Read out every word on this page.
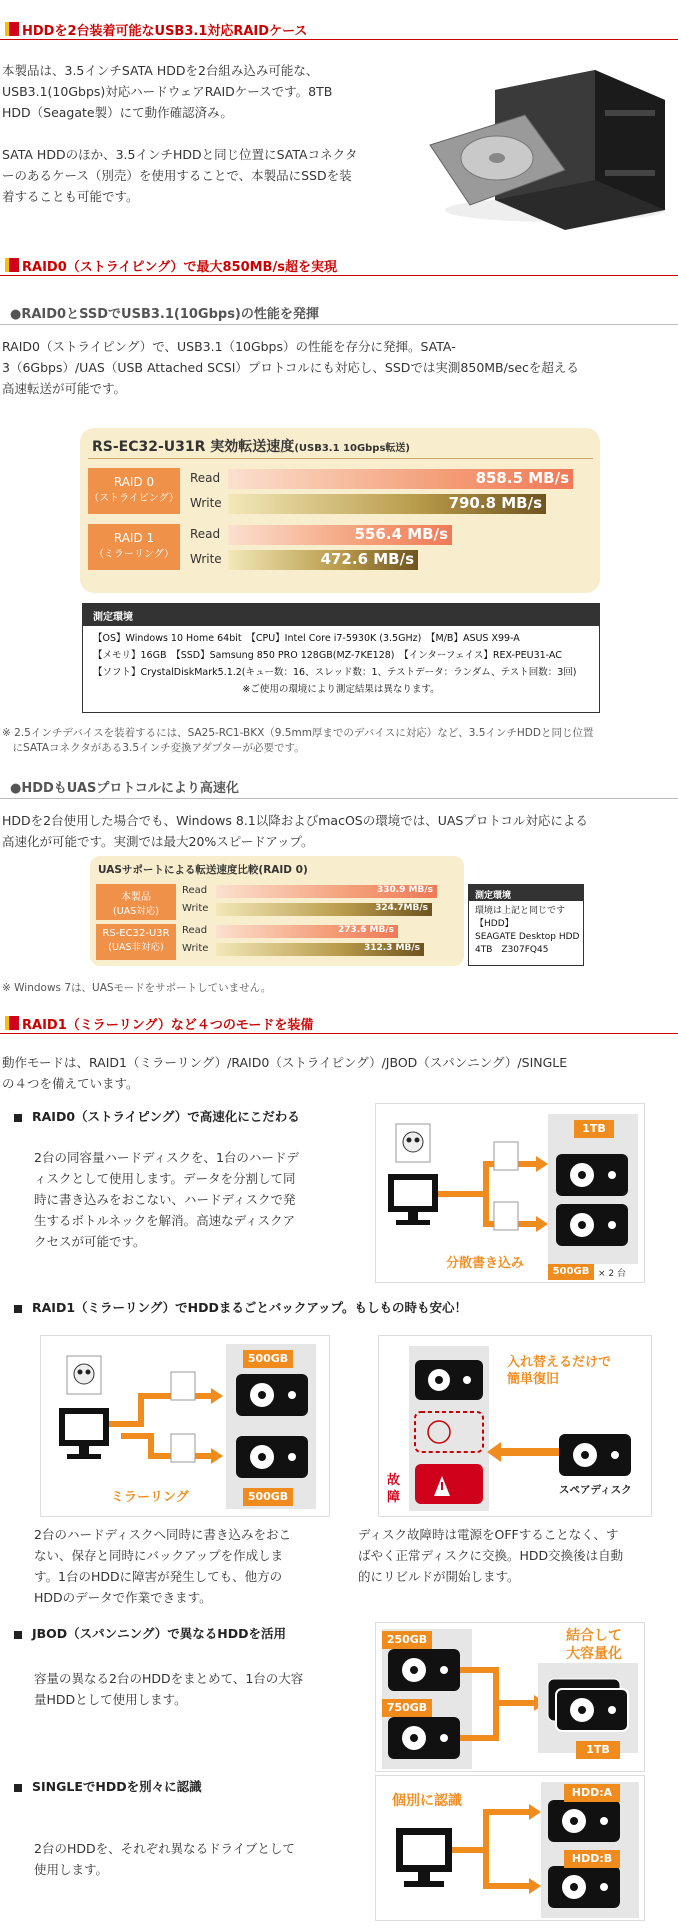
HDDを2台装着可能なUSB3.1対応RAIDケース
本製品は、3.5インチSATA HDDを2台組み込み可能な、
USB3.1(10Gbps)対応ハードウェアRAIDケースです。8TB
HDD（Seagate製）にて動作確認済み。
SATA HDDのほか、3.5インチHDDと同じ位置にSATAコネクタ
ーのあるケース（別売）を使用することで、本製品にSSDを装
着することも可能です。
RAID0（ストライピング）で最大850MB/s超を実現
●RAID0とSSDでUSB3.1(10Gbps)の性能を発揮
RAID0（ストライピング）で、USB3.1（10Gbps）の性能を存分に発揮。SATA-
3（6Gbps）/UAS（USB Attached SCSI）プロトコルにも対応し、SSDでは実測850MB/secを超える
高速転送が可能です。
RS-EC32-U31R 実効転送速度(USB3.1 10Gbps転送)
RAID 0
（ストライピング）
RAID 1
（ミラーリング）
Read
Write
Read
Write
858.5 MB/s
790.8 MB/s
556.4 MB/s
472.6 MB/s
測定環境
【OS】Windows 10 Home 64bit　【CPU】Intel Core i7-5930K (3.5GHz)　【M/B】ASUS X99-A
【メモリ】16GB　【SSD】Samsung 850 PRO 128GB(MZ-7KE128)　【インターフェイス】REX-PEU31-AC
【ソフト】CrystalDiskMark5.1.2(キュー数：16、スレッド数：1、テストデータ：ランダム、テスト回数：3回)
※ご使用の環境により測定結果は異なります。
※ 2.5インチデバイスを装着するには、SA25-RC1-BKX（9.5mm厚までのデバイスに対応）など、3.5インチHDDと同じ位置
　にSATAコネクタがある3.5インチ変換アダプターが必要です。
●HDDもUASプロトコルにより高速化
HDDを2台使用した場合でも、Windows 8.1以降およびmacOSの環境では、UASプロトコル対応による
高速化が可能です。実測では最大20%スピードアップ。
UASサポートによる転送速度比較(RAID 0)
本製品
(UAS対応)
RS-EC32-U3R
(UAS非対応)
Read
Write
Read
Write
330.9 MB/s
324.7MB/s
273.6 MB/s
312.3 MB/s
測定環境
環境は上記と同じです
【HDD】
SEAGATE Desktop HDD
4TB　Z307FQ45
※ Windows 7は、UASモードをサポートしていません。
RAID1（ミラーリング）など４つのモードを装備
動作モードは、RAID1（ミラーリング）/RAID0（ストライピング）/JBOD（スパンニング）/SINGLE
の４つを備えています。
RAID0（ストライピング）で高速化にこだわる
2台の同容量ハードディスクを、1台のハードデ
ィスクとして使用します。データを分割して同
時に書き込みをおこない、ハードディスクで発
生するボトルネックを解消。高速なディスクア
クセスが可能です。
1TB
分散書き込み
500GB × 2 台
RAID1（ミラーリング）でHDDまるごとバックアップ。もしもの時も安心！
500GB
500GB
ミラーリング
入れ替えるだけで
簡単復旧
故
障	スペアディスク
2台のハードディスクへ同時に書き込みをおこ
ない、保存と同時にバックアップを作成しま
す。1台のHDDに障害が発生しても、他方の
HDDのデータで作業できます。
ディスク故障時は電源をOFFすることなく、す
ばやく正常ディスクに交換。HDD交換後は自動
的にリビルドが開始します。
JBOD（スパンニング）で異なるHDDを活用
容量の異なる2台のHDDをまとめて、1台の大容
量HDDとして使用します。
250GB
750GB
結合して
大容量化
1TB
SINGLEでHDDを別々に認識
2台のHDDを、それぞれ異なるドライブとして
使用します。
個別に認識
HDD:A
HDD:B
